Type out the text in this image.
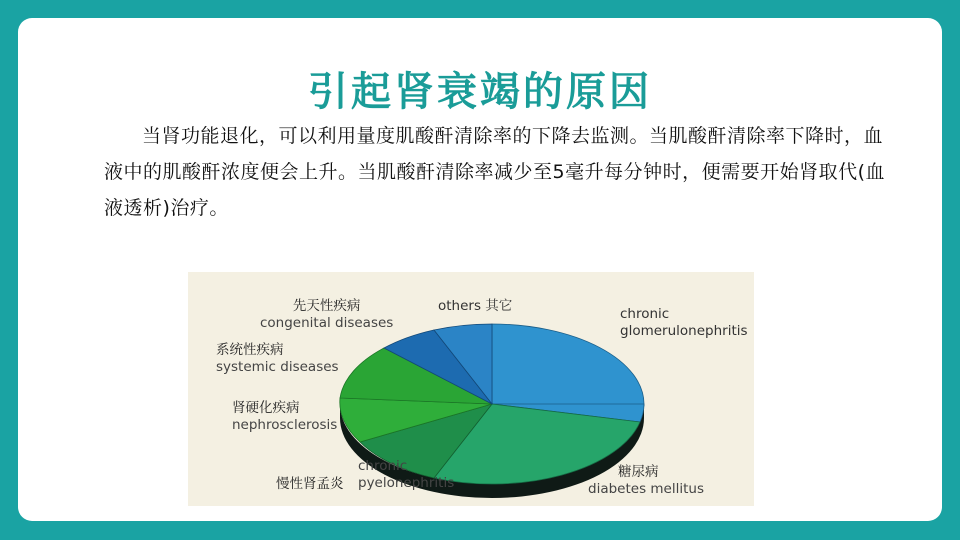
引起肾衰竭的原因
当肾功能退化，可以利用量度肌酸酐清除率的下降去监测。当肌酸酐清除率下降时，血液中的肌酸酐浓度便会上升。当肌酸酐清除率减少至5毫升每分钟时，便需要开始肾取代(血液透析)治疗。
others 其它	chronic
glomerulonephritis
先天性疾病
congenital diseases
系统性疾病
systemic diseases
肾硬化疾病
nephrosclerosis
慢性肾孟炎
chronic
pyelonephritis
糖尿病
diabetes mellitus
